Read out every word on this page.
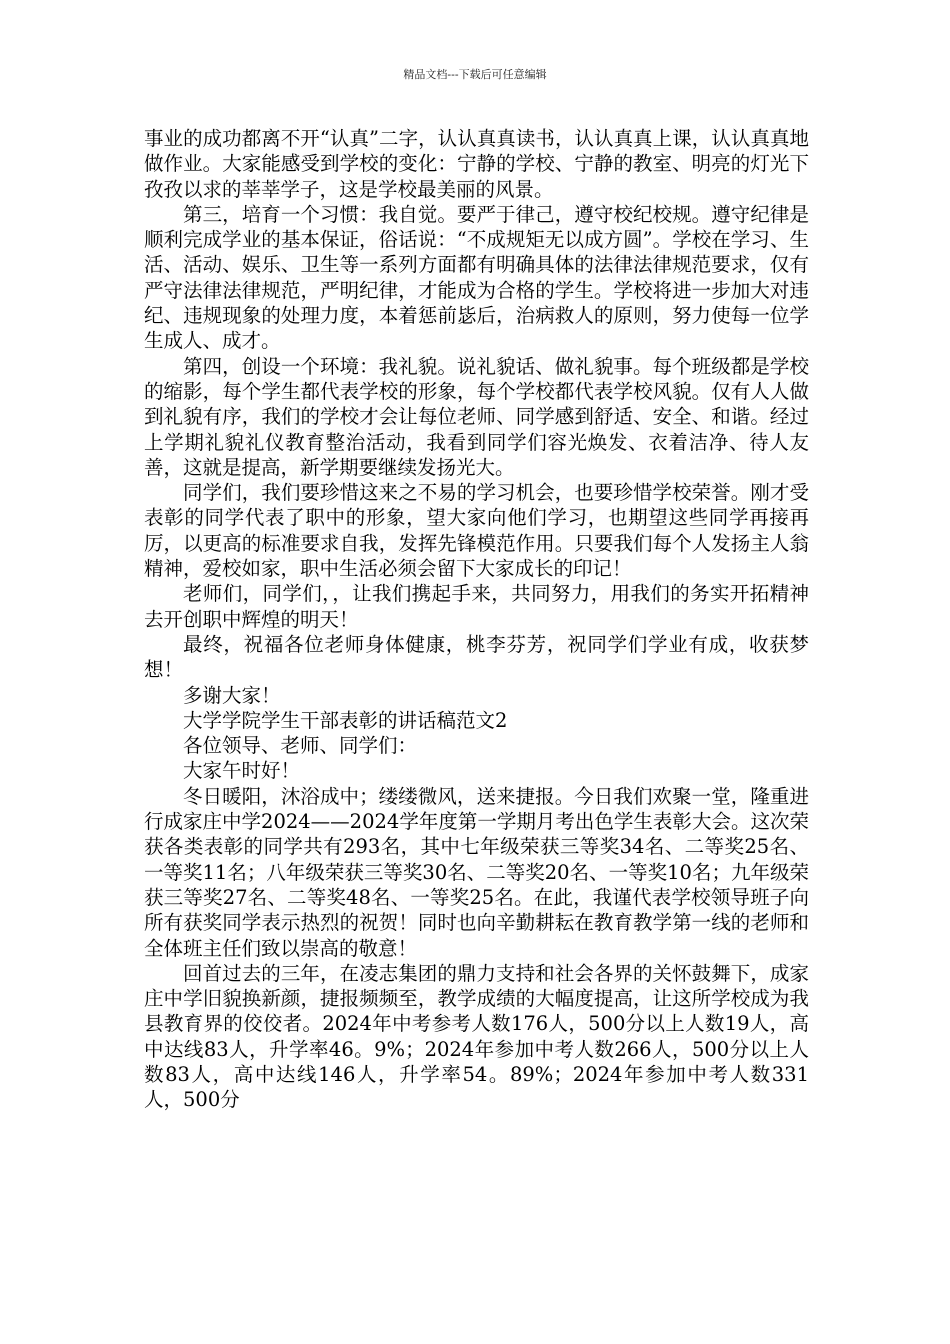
精品文档---下载后可任意编辑

事业的成功都离不开“认真”二字，认认真真读书，认认真真上课，认认真真地做作业。大家能感受到学校的变化：宁静的学校、宁静的教室、明亮的灯光下孜孜以求的莘莘学子，这是学校最美丽的风景。

第三，培育一个习惯：我自觉。要严于律己，遵守校纪校规。遵守纪律是顺利完成学业的基本保证，俗话说：“不成规矩无以成方圆”。学校在学习、生活、活动、娱乐、卫生等一系列方面都有明确具体的法律法律规范要求，仅有严守法律法律规范，严明纪律，才能成为合格的学生。学校将进一步加大对违纪、违规现象的处理力度，本着惩前毖后，治病救人的原则，努力使每一位学生成人、成才。

第四，创设一个环境：我礼貌。说礼貌话、做礼貌事。每个班级都是学校的缩影，每个学生都代表学校的形象，每个学校都代表学校风貌。仅有人人做到礼貌有序，我们的学校才会让每位老师、同学感到舒适、安全、和谐。经过上学期礼貌礼仪教育整治活动，我看到同学们容光焕发、衣着洁净、待人友善，这就是提高，新学期要继续发扬光大。

同学们，我们要珍惜这来之不易的学习机会，也要珍惜学校荣誉。刚才受表彰的同学代表了职中的形象，望大家向他们学习，也期望这些同学再接再厉，以更高的标准要求自我，发挥先锋模范作用。只要我们每个人发扬主人翁精神，爱校如家，职中生活必须会留下大家成长的印记！

老师们，同学们，，让我们携起手来，共同努力，用我们的务实开拓精神去开创职中辉煌的明天！

最终，祝福各位老师身体健康，桃李芬芳，祝同学们学业有成，收获梦想！

多谢大家！

大学学院学生干部表彰的讲话稿范文2

各位领导、老师、同学们：

大家午时好！

冬日暖阳，沐浴成中；缕缕微风，送来捷报。今日我们欢聚一堂，隆重进行成家庄中学2024——2024学年度第一学期月考出色学生表彰大会。这次荣获各类表彰的同学共有293名，其中七年级荣获三等奖34名、二等奖25名、一等奖11名；八年级荣获三等奖30名、二等奖20名、一等奖10名；九年级荣获三等奖27名、二等奖48名、一等奖25名。在此，我谨代表学校领导班子向所有获奖同学表示热烈的祝贺！同时也向辛勤耕耘在教育教学第一线的老师和全体班主任们致以崇高的敬意！

回首过去的三年，在凌志集团的鼎力支持和社会各界的关怀鼓舞下，成家庄中学旧貌换新颜，捷报频频至，教学成绩的大幅度提高，让这所学校成为我县教育界的佼佼者。2024年中考参考人数176人，500分以上人数19人，高中达线83人，升学率46。9%；2024年参加中考人数266人，500分以上人数83人，高中达线146人，升学率54。89%；2024年参加中考人数331人，500分
